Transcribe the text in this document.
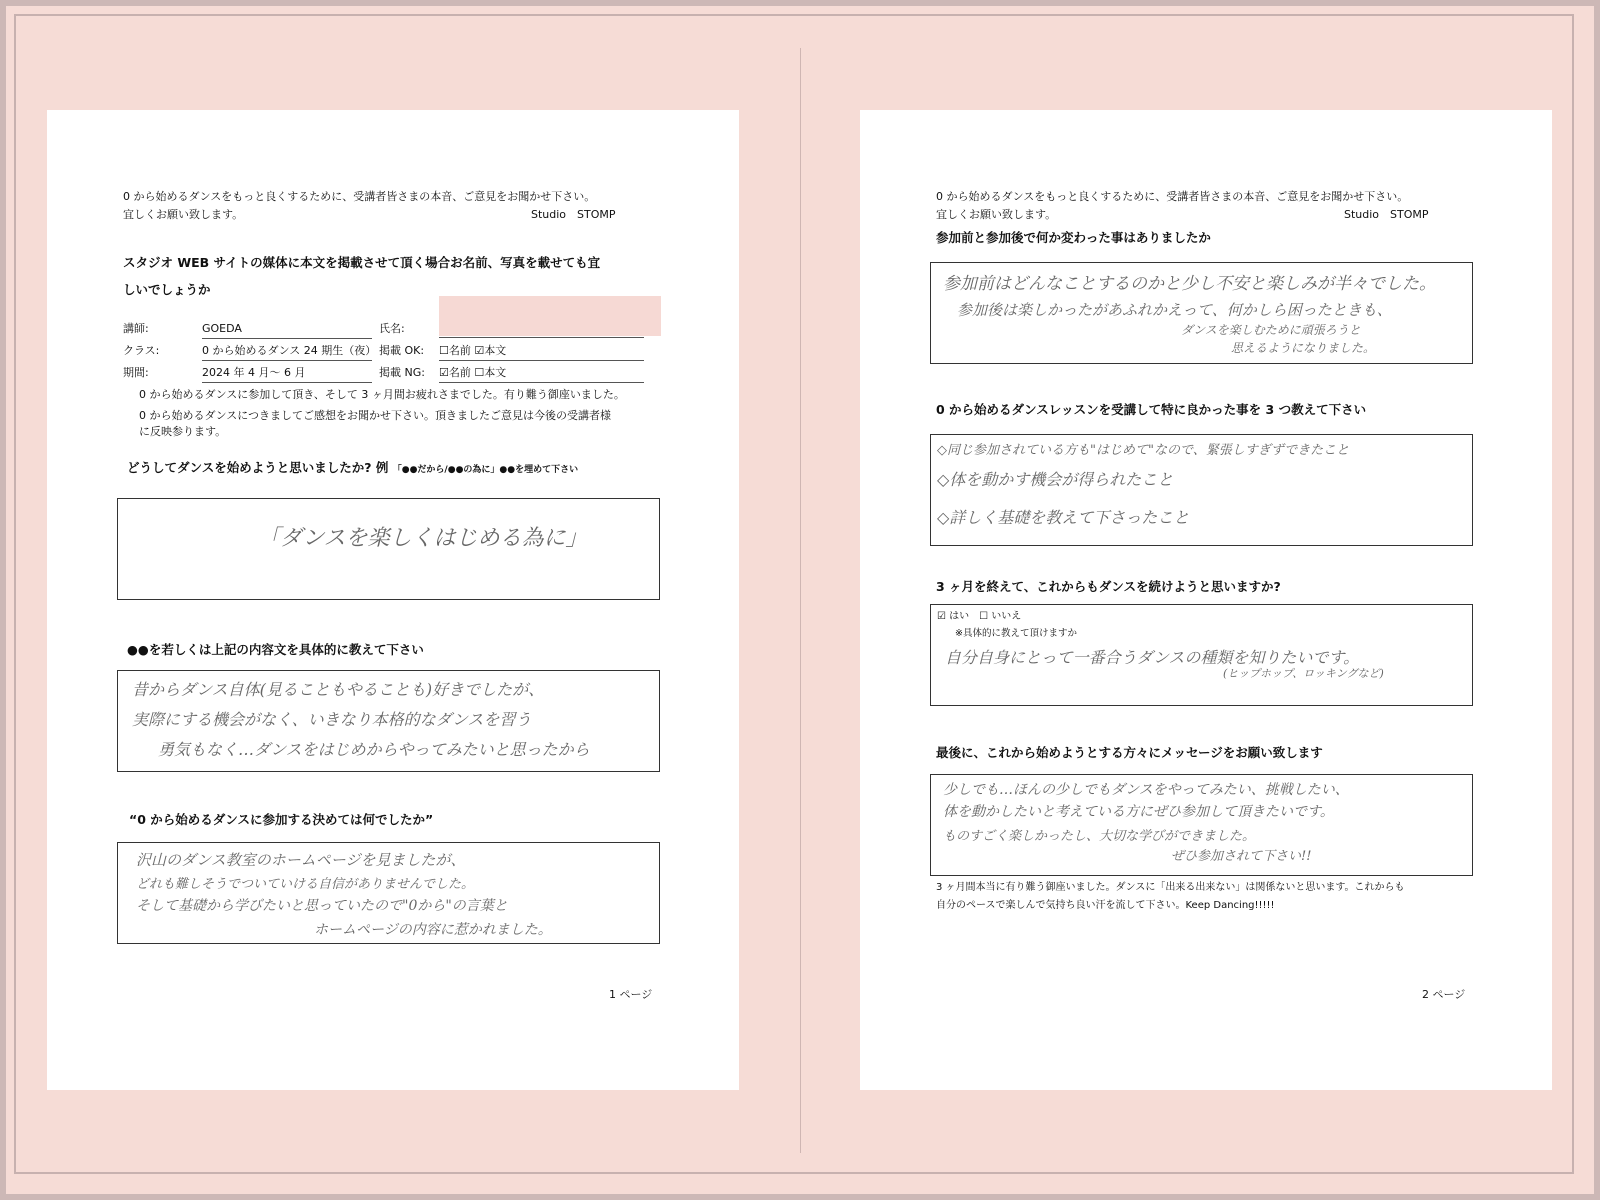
0 から始めるダンスをもっと良くするために、受講者皆さまの本音、ご意見をお聞かせ下さい。
宜しくお願い致します。	Studio　STOMP
スタジオ WEB サイトの媒体に本文を掲載させて頂く場合お名前、写真を載せても宜
しいでしょうか
講師:	GOEDA	氏名:
クラス:	0 から始めるダンス 24 期生（夜） 掲載 OK: ☐名前 ☑本文
期間:	2024 年 4 月～ 6 月	掲載 NG: ☑名前 ☐本文
0 から始めるダンスに参加して頂き、そして 3 ヶ月間お疲れさまでした。有り難う御座いました。
0 から始めるダンスにつきましてご感想をお聞かせ下さい。頂きましたご意見は今後の受講者様
に反映参ります。
どうしてダンスを始めようと思いましたか? 例 「●●だから/●●の為に」●●を埋めて下さい
「ダンスを楽しくはじめる為に」
●●を若しくは上記の内容文を具体的に教えて下さい
昔からダンス自体(見ることもやることも)好きでしたが、
実際にする機会がなく、いきなり本格的なダンスを習う
勇気もなく…ダンスをはじめからやってみたいと思ったから
“0 から始めるダンスに参加する決めては何でしたか”
沢山のダンス教室のホームページを見ましたが、
どれも難しそうでついていける自信がありませんでした。
そして基礎から学びたいと思っていたので"0から"の言葉と
ホームページの内容に惹かれました。
1 ページ
0 から始めるダンスをもっと良くするために、受講者皆さまの本音、ご意見をお聞かせ下さい。
宜しくお願い致します。	Studio　STOMP
参加前と参加後で何か変わった事はありましたか
参加前はどんなことするのかと少し不安と楽しみが半々でした。
参加後は楽しかったがあふれかえって、何かしら困ったときも、
ダンスを楽しむために頑張ろうと
思えるようになりました。
0 から始めるダンスレッスンを受講して特に良かった事を 3 つ教えて下さい
◇同じ参加されている方も"はじめて"なので、緊張しすぎずできたこと
◇体を動かす機会が得られたこと
◇詳しく基礎を教えて下さったこと
3 ヶ月を終えて、これからもダンスを続けようと思いますか?
☑ はい　☐ いいえ
※具体的に教えて頂けますか
自分自身にとって一番合うダンスの種類を知りたいです。
(ヒップホップ、ロッキングなど)
最後に、これから始めようとする方々にメッセージをお願い致します
少しでも…ほんの少しでもダンスをやってみたい、挑戦したい、
体を動かしたいと考えている方にぜひ参加して頂きたいです。
ものすごく楽しかったし、大切な学びができました。
ぜひ参加されて下さい!!
3 ヶ月間本当に有り難う御座いました。ダンスに「出来る出来ない」は関係ないと思います。これからも
自分のペースで楽しんで気持ち良い汗を流して下さい。Keep Dancing!!!!!
2 ページ
